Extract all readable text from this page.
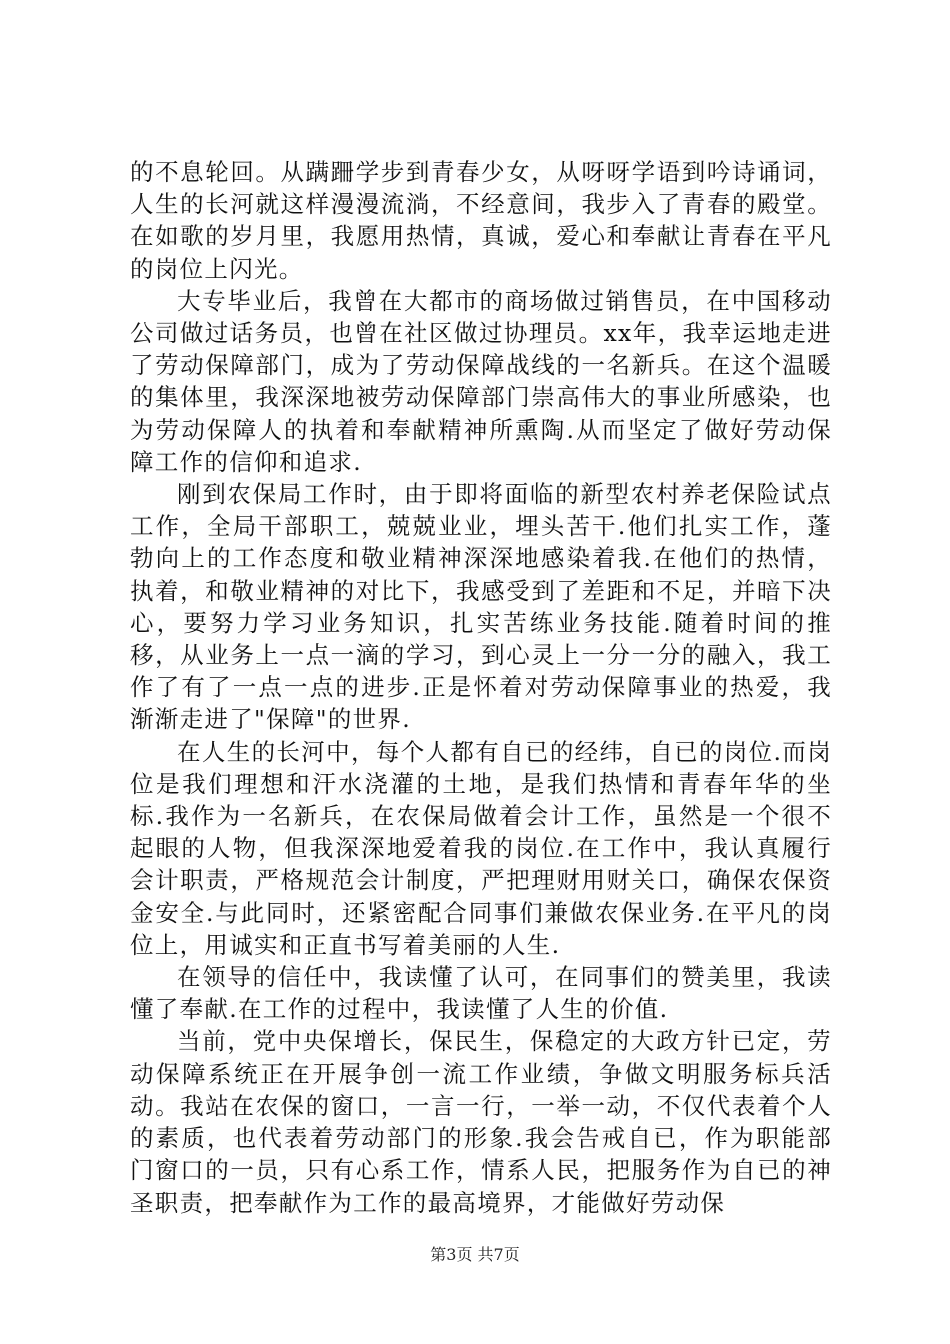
的不息轮回。从蹒跚学步到青春少女，从呀呀学语到吟诗诵词，人生的长河就这样漫漫流淌，不经意间，我步入了青春的殿堂。在如歌的岁月里，我愿用热情，真诚，爱心和奉献让青春在平凡的岗位上闪光。

大专毕业后，我曾在大都市的商场做过销售员，在中国移动公司做过话务员，也曾在社区做过协理员。xx年，我幸运地走进了劳动保障部门，成为了劳动保障战线的一名新兵。在这个温暖的集体里，我深深地被劳动保障部门崇高伟大的事业所感染，也为劳动保障人的执着和奉献精神所熏陶.从而坚定了做好劳动保障工作的信仰和追求.

刚到农保局工作时，由于即将面临的新型农村养老保险试点工作，全局干部职工，兢兢业业，埋头苦干.他们扎实工作，蓬勃向上的工作态度和敬业精神深深地感染着我.在他们的热情，执着，和敬业精神的对比下，我感受到了差距和不足，并暗下决心，要努力学习业务知识，扎实苦练业务技能.随着时间的推移，从业务上一点一滴的学习，到心灵上一分一分的融入，我工作了有了一点一点的进步.正是怀着对劳动保障事业的热爱，我渐渐走进了"保障"的世界.

在人生的长河中，每个人都有自已的经纬，自已的岗位.而岗位是我们理想和汗水浇灌的土地，是我们热情和青春年华的坐标.我作为一名新兵，在农保局做着会计工作，虽然是一个很不起眼的人物，但我深深地爱着我的岗位.在工作中，我认真履行会计职责，严格规范会计制度，严把理财用财关口，确保农保资金安全.与此同时，还紧密配合同事们兼做农保业务.在平凡的岗位上，用诚实和正直书写着美丽的人生.

在领导的信任中，我读懂了认可，在同事们的赞美里，我读懂了奉献.在工作的过程中，我读懂了人生的价值.

当前，党中央保增长，保民生，保稳定的大政方针已定，劳动保障系统正在开展争创一流工作业绩，争做文明服务标兵活动。我站在农保的窗口，一言一行，一举一动，不仅代表着个人的素质，也代表着劳动部门的形象.我会告戒自已，作为职能部门窗口的一员，只有心系工作，情系人民，把服务作为自已的神圣职责，把奉献作为工作的最高境界，才能做好劳动保

第3页 共7页
